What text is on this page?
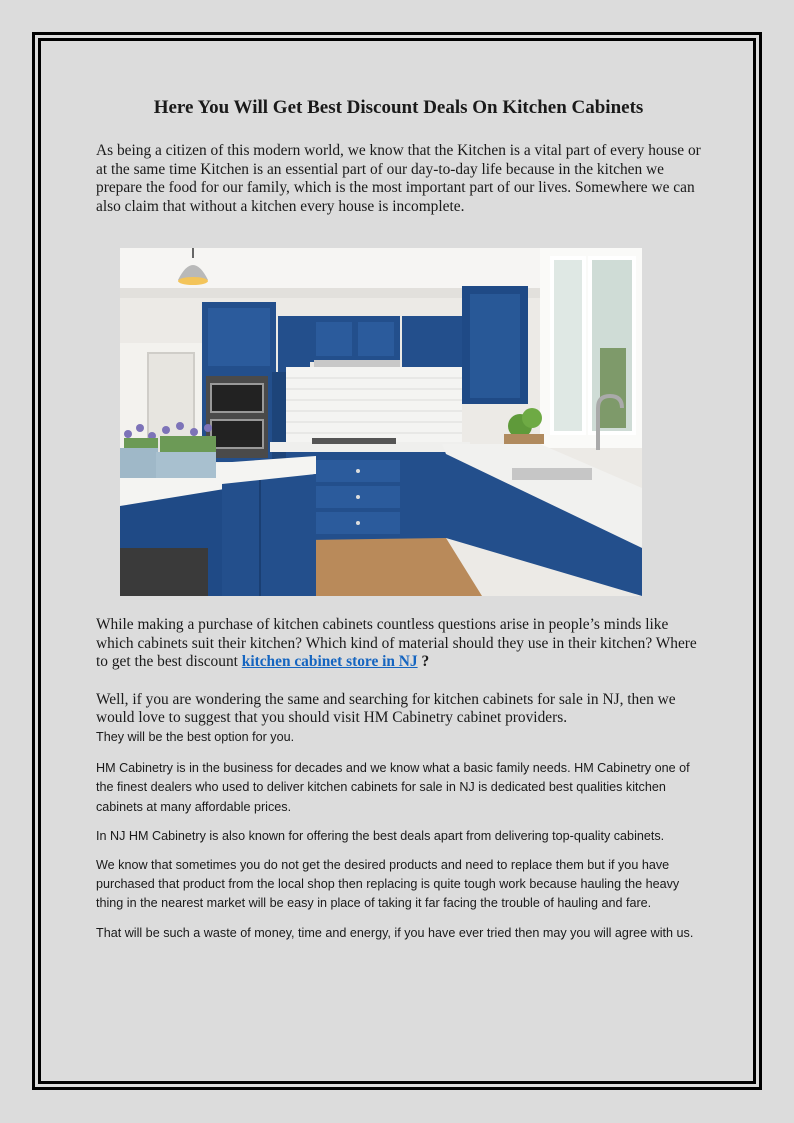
Here You Will Get Best Discount Deals On Kitchen Cabinets

As being a citizen of this modern world, we know that the Kitchen is a vital part of every house or at the same time Kitchen is an essential part of our day-to-day life because in the kitchen we prepare the food for our family, which is the most important part of our lives. Somewhere we can also claim that without a kitchen every house is incomplete.

While making a purchase of kitchen cabinets countless questions arise in people’s minds like which cabinets suit their kitchen? Which kind of material should they use in their kitchen? Where to get the best discount kitchen cabinet store in NJ ?

Well, if you are wondering the same and searching for kitchen cabinets for sale in NJ, then we would love to suggest that you should visit HM Cabinetry cabinet providers.

They will be the best option for you.

HM Cabinetry is in the business for decades and we know what a basic family needs. HM Cabinetry one of the finest dealers who used to deliver kitchen cabinets for sale in NJ is dedicated best qualities kitchen cabinets at many affordable prices.

In NJ HM Cabinetry is also known for offering the best deals apart from delivering top-quality cabinets.

We know that sometimes you do not get the desired products and need to replace them but if you have purchased that product from the local shop then replacing is quite tough work because hauling the heavy thing in the nearest market will be easy in place of taking it far facing the trouble of hauling and fare.

That will be such a waste of money, time and energy, if you have ever tried then may you will agree with us.
